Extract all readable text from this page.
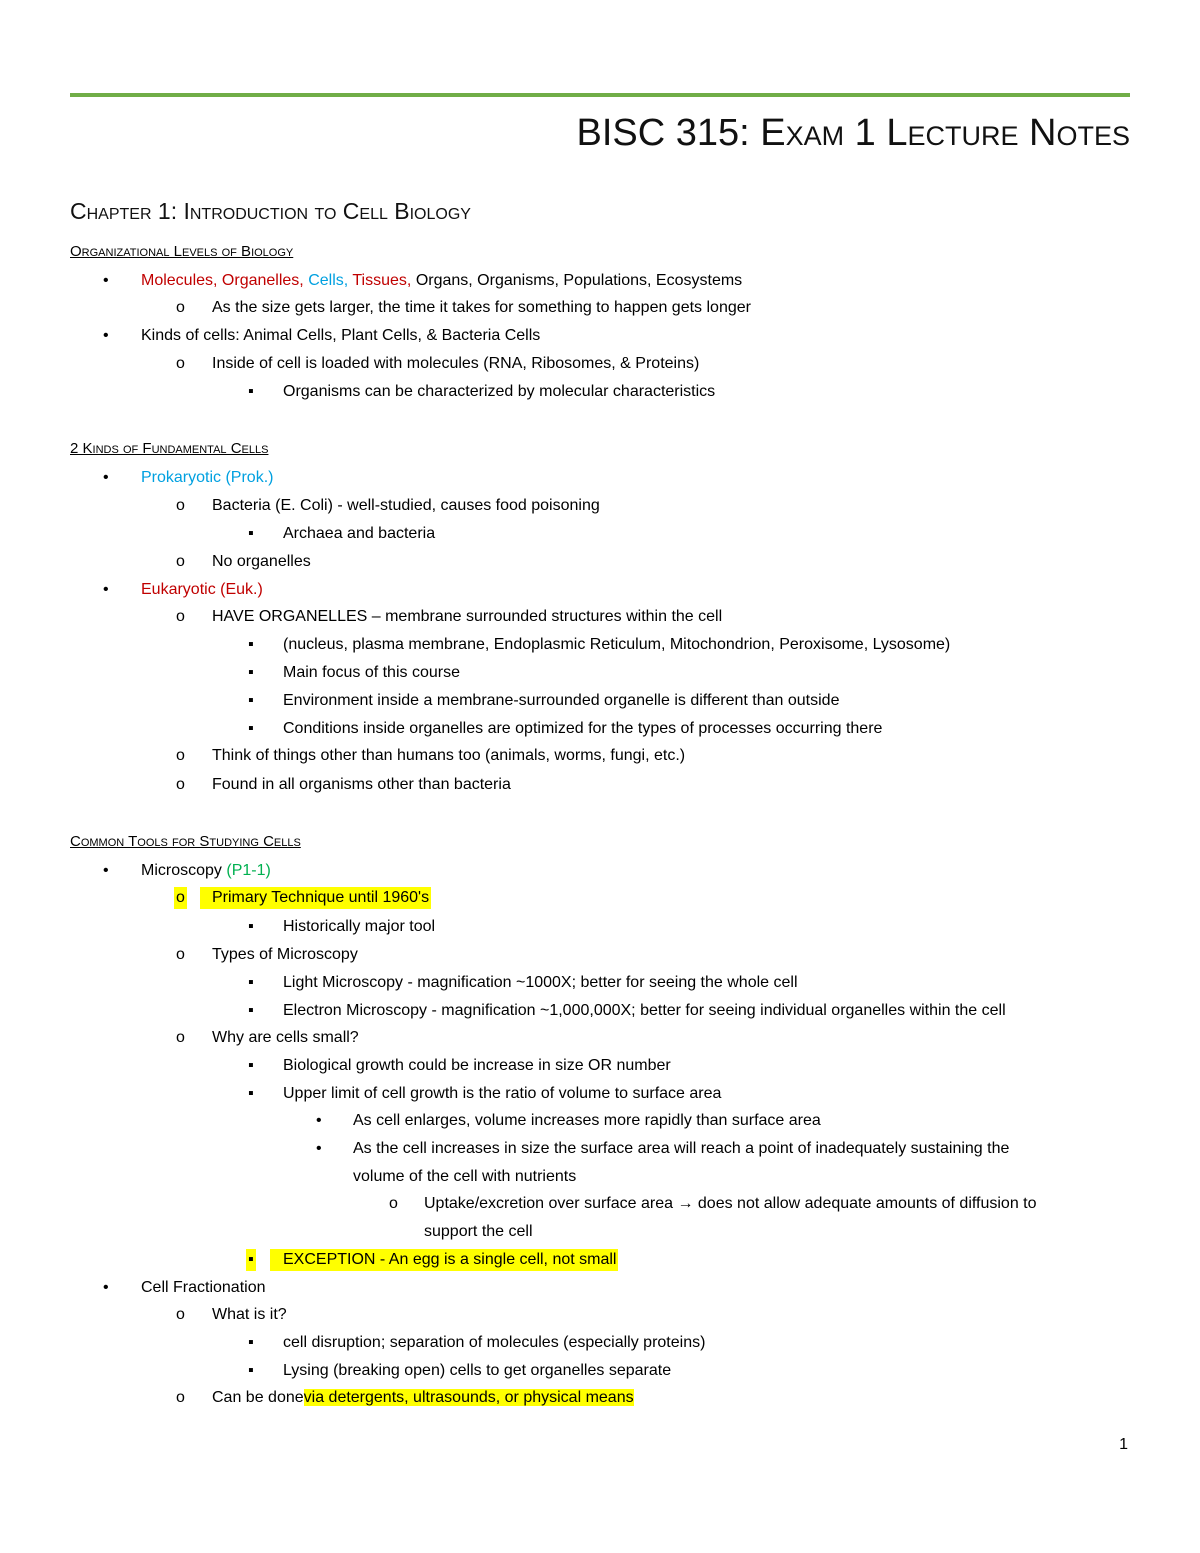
BISC 315: Exam 1 Lecture Notes
Chapter 1: Introduction to Cell Biology
Organizational Levels of Biology
• Molecules, Organelles, Cells, Tissues, Organs, Organisms, Populations, Ecosystems
o As the size gets larger, the time it takes for something to happen gets longer
• Kinds of cells: Animal Cells, Plant Cells, & Bacteria Cells
o Inside of cell is loaded with molecules (RNA, Ribosomes, & Proteins)
▪ Organisms can be characterized by molecular characteristics
2 Kinds of Fundamental Cells
• Prokaryotic (Prok.)
o Bacteria (E. Coli) - well-studied, causes food poisoning
▪ Archaea and bacteria
o No organelles
• Eukaryotic (Euk.)
o HAVE ORGANELLES – membrane surrounded structures within the cell
▪ (nucleus, plasma membrane, Endoplasmic Reticulum, Mitochondrion, Peroxisome, Lysosome)
▪ Main focus of this course
▪ Environment inside a membrane-surrounded organelle is different than outside
▪ Conditions inside organelles are optimized for the types of processes occurring there
o Think of things other than humans too (animals, worms, fungi, etc.)
o Found in all organisms other than bacteria
Common Tools for Studying Cells
• Microscopy (P1-1)
o	Primary Technique until 1960's
▪ Historically major tool
o Types of Microscopy
▪ Light Microscopy - magnification ~1000X; better for seeing the whole cell
▪ Electron Microscopy - magnification ~1,000,000X; better for seeing individual organelles within the cell
o Why are cells small?
▪ Biological growth could be increase in size OR number
▪ Upper limit of cell growth is the ratio of volume to surface area
• As cell enlarges, volume increases more rapidly than surface area
• As the cell increases in size the surface area will reach a point of inadequately sustaining the
volume of the cell with nutrients
o Uptake/excretion over surface area → does not allow adequate amounts of diffusion to
support the cell
▪	EXCEPTION - An egg is a single cell, not small
• Cell Fractionation
o What is it?
▪ cell disruption; separation of molecules (especially proteins)
▪ Lysing (breaking open) cells to get organelles separate
o Can be donevia detergents, ultrasounds, or physical means
1
